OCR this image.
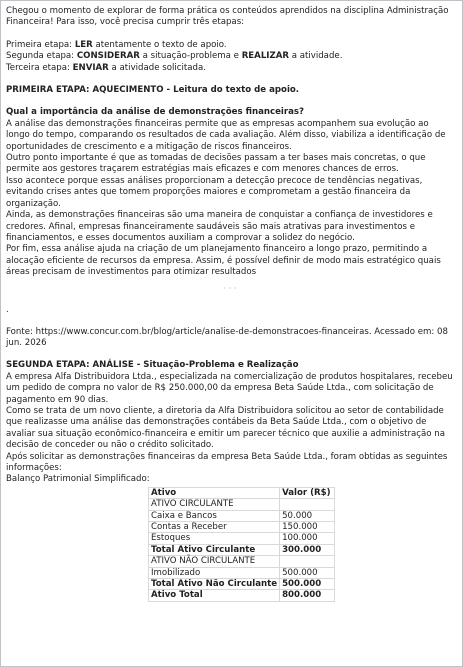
Chegou o momento de explorar de forma prática os conteúdos aprendidos na disciplina Administração Financeira! Para isso, você precisa cumprir três etapas:

Primeira etapa: LER atentamente o texto de apoio.

Segunda etapa: CONSIDERAR a situação-problema e REALIZAR a atividade.

Terceira etapa: ENVIAR a atividade solicitada.

PRIMEIRA ETAPA: AQUECIMENTO - Leitura do texto de apoio.

Qual a importância da análise de demonstrações financeiras?

A análise das demonstrações financeiras permite que as empresas acompanhem sua evolução ao longo do tempo, comparando os resultados de cada avaliação. Além disso, viabiliza a identificação de oportunidades de crescimento e a mitigação de riscos financeiros.

Outro ponto importante é que as tomadas de decisões passam a ter bases mais concretas, o que permite aos gestores traçarem estratégias mais eficazes e com menores chances de erros.

Isso acontece porque essas análises proporcionam a detecção precoce de tendências negativas, evitando crises antes que tomem proporções maiores e comprometam a gestão financeira da organização.

Ainda, as demonstrações financeiras são uma maneira de conquistar a confiança de investidores e credores. Afinal, empresas financeiramente saudáveis são mais atrativas para investimentos e financiamentos, e esses documentos auxiliam a comprovar a solidez do negócio.

Por fim, essa análise ajuda na criação de um planejamento financeiro a longo prazo, permitindo a alocação eficiente de recursos da empresa. Assim, é possível definir de modo mais estratégico quais áreas precisam de investimentos para otimizar resultados

· · ·

.

Fonte: https://www.concur.com.br/blog/article/analise-de-demonstracoes-financeiras. Acessado em: 08 jun. 2026

SEGUNDA ETAPA: ANÁLISE - Situação-Problema e Realização

A empresa Alfa Distribuidora Ltda., especializada na comercialização de produtos hospitalares, recebeu um pedido de compra no valor de R$ 250.000,00 da empresa Beta Saúde Ltda., com solicitação de pagamento em 90 dias.

Como se trata de um novo cliente, a diretoria da Alfa Distribuidora solicitou ao setor de contabilidade que realizasse uma análise das demonstrações contábeis da Beta Saúde Ltda., com o objetivo de avaliar sua situação econômico-financeira e emitir um parecer técnico que auxilie a administração na decisão de conceder ou não o crédito solicitado.

Após solicitar as demonstrações financeiras da empresa Beta Saúde Ltda., foram obtidas as seguintes informações:

Balanço Patrimonial Simplificado:

Ativo	Valor (R$)
ATIVO CIRCULANTE	
Caixa e Bancos	50.000
Contas a Receber	150.000
Estoques	100.000
Total Ativo Circulante	300.000
ATIVO NÃO CIRCULANTE	
Imobilizado	500.000
Total Ativo Não Circulante	500.000
Ativo Total	800.000
